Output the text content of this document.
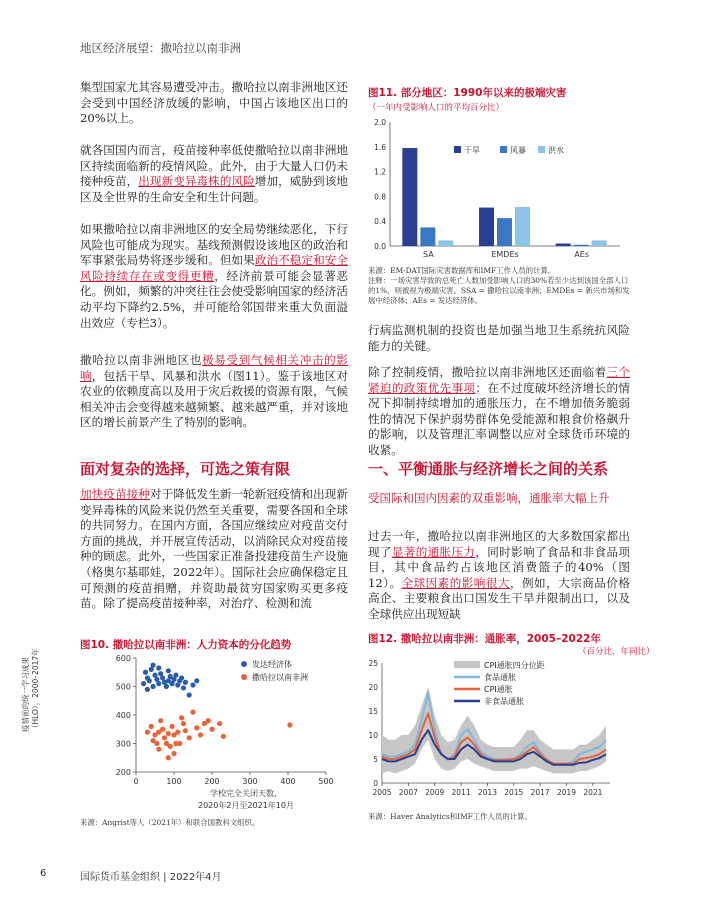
地区经济展望：撒哈拉以南非洲
集型国家尤其容易遭受冲击。撒哈拉以南非洲地区还会受到中国经济放缓的影响，中国占该地区出口的20%以上。
就各国国内而言，疫苗接种率低使撒哈拉以南非洲地区持续面临新的疫情风险。此外，由于大量人口仍未接种疫苗，出现新变异毒株的风险增加，威胁到该地区及全世界的生命安全和生计问题。
如果撒哈拉以南非洲地区的安全局势继续恶化，下行风险也可能成为现实。基线预测假设该地区的政治和军事紧张局势将逐步缓和。但如果政治不稳定和安全风险持续存在或变得更糟，经济前景可能会显著恶化。例如，频繁的冲突往往会使受影响国家的经济活动平均下降约2.5%，并可能给邻国带来重大负面溢出效应（专栏3）。
撒哈拉以南非洲地区也极易受到气候相关冲击的影响，包括干旱、风暴和洪水（图11）。鉴于该地区对农业的依赖度高以及用于灾后救援的资源有限，气候相关冲击会变得越来越频繁、越来越严重，并对该地区的增长前景产生了特别的影响。
面对复杂的选择，可选之策有限
加快疫苗接种对于降低发生新一轮新冠疫情和出现新变异毒株的风险来说仍然至关重要，需要各国和全球的共同努力。在国内方面，各国应继续应对疫苗交付方面的挑战，并开展宣传活动，以消除民众对疫苗接种的顾虑。此外，一些国家正准备投建疫苗生产设施（格奥尔基耶娃，2022年）。国际社会应确保稳定且可预测的疫苗捐赠，并资助最贫穷国家购买更多疫苗。除了提高疫苗接种率，对治疗、检测和流
图10. 撒哈拉以南非洲：人力资本的分化趋势
0	100	200	300	400	500
200
300
400
500
600
疫情前的统一学习成果 （HLO），2000–2017年
学校完全关闭天数，
2020年2月至2021年10月
发达经济体
撒哈拉以南非洲
来源：Angrist等人（2021年）和联合国教科文组织。
图11. 部分地区：1990年以来的极端灾害
（一年内受影响人口的平均百分比）
0.0
0.4
0.8
1.2
1.6
2.0
SA	EMDEs	AEs
干旱	风暴	洪水
来源：EM-DAT国际灾害数据库和IMF工作人员的计算。
注释：一场灾害导致的总死亡人数加受影响人口的30%若至少达到该国全部人口的1%，则被视为极端灾害。SSA = 撒哈拉以南非洲；EMDEs = 新兴市场和发展中经济体；AEs = 发达经济体。
行病监测机制的投资也是加强当地卫生系统抗风险能力的关键。
除了控制疫情，撒哈拉以南非洲地区还面临着三个紧迫的政策优先事项：在不过度破坏经济增长的情况下抑制持续增加的通胀压力，在不增加债务脆弱性的情况下保护弱势群体免受能源和粮食价格飙升的影响，以及管理汇率调整以应对全球货币环境的收紧。
一、平衡通胀与经济增长之间的关系
受国际和国内因素的双重影响，通胀率大幅上升
过去一年，撒哈拉以南非洲地区的大多数国家都出现了显著的通胀压力，同时影响了食品和非食品项目，其中食品约占该地区消费篮子的40%（图12）。全球因素的影响很大，例如，大宗商品价格高企、主要粮食出口国发生干旱并限制出口，以及全球供应出现短缺
图12. 撒哈拉以南非洲：通胀率，2005–2022年
（百分比，年同比）
0
5
10
15
20
25
2005 2007 2009 2011 2013 2015 2017 2019 2021
CPI通胀四分位距
食品通胀
CPI通胀
非食品通胀
来源：Haver Analytics和IMF工作人员的计算。
6	国际货币基金组织 | 2022年4月
